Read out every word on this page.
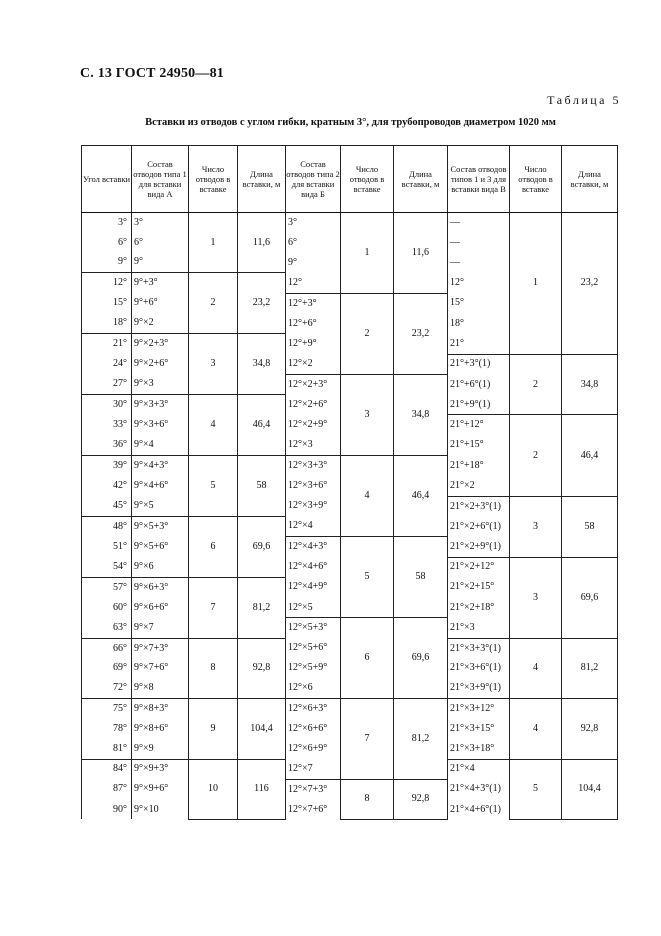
С. 13 ГОСТ 24950—81
Таблица 5
Вставки из отводов с углом гибки, кратным 3°, для трубопроводов диаметром 1020 мм
Угол вставки	Состав отводов типа 1 для вставки вида А	Число отводов в вставке	Длина вставки, м	Состав отводов типа 2 для вставки вида Б	Число отводов в вставке	Длина вставки, м	Состав отводов типов 1 и 3 для вставки вида В	Число отводов в вставке	Длина вставки, м
3°	3°	1	11,6	3°	1	11,6	—	1	23,2
6°	6°			6°			—		
9°	9°			9°			—		
12°	9°+3°	2	23,2	12°			12°		
15°	9°+6°			12°+3°	2	23,2	15°		
18°	9°×2			12°+6°			18°		
21°	9°×2+3°	3	34,8	12°+9°			21°		
24°	9°×2+6°			12°×2			21°+3°(1)	2	34,8
27°	9°×3			12°×2+3°	3	34,8	21°+6°(1)		
30°	9°×3+3°	4	46,4	12°×2+6°			21°+9°(1)		
33°	9°×3+6°			12°×2+9°			21°+12°	2	46,4
36°	9°×4			12°×3			21°+15°		
39°	9°×4+3°	5	58	12°×3+3°	4	46,4	21°+18°		
42°	9°×4+6°			12°×3+6°			21°×2		
45°	9°×5			12°×3+9°			21°×2+3°(1)	3	58
48°	9°×5+3°	6	69,6	12°×4			21°×2+6°(1)		
51°	9°×5+6°			12°×4+3°	5	58	21°×2+9°(1)		
54°	9°×6			12°×4+6°			21°×2+12°	3	69,6
57°	9°×6+3°	7	81,2	12°×4+9°			21°×2+15°		
60°	9°×6+6°			12°×5			21°×2+18°		
63°	9°×7			12°×5+3°	6	69,6	21°×3		
66°	9°×7+3°	8	92,8	12°×5+6°			21°×3+3°(1)	4	81,2
69°	9°×7+6°			12°×5+9°			21°×3+6°(1)		
72°	9°×8			12°×6			21°×3+9°(1)		
75°	9°×8+3°	9	104,4	12°×6+3°	7	81,2	21°×3+12°	4	92,8
78°	9°×8+6°			12°×6+6°			21°×3+15°		
81°	9°×9			12°×6+9°			21°×3+18°		
84°	9°×9+3°	10	116	12°×7			21°×4	5	104,4
87°	9°×9+6°			12°×7+3°	8	92,8	21°×4+3°(1)		
90°	9°×10			12°×7+6°			21°×4+6°(1)		
